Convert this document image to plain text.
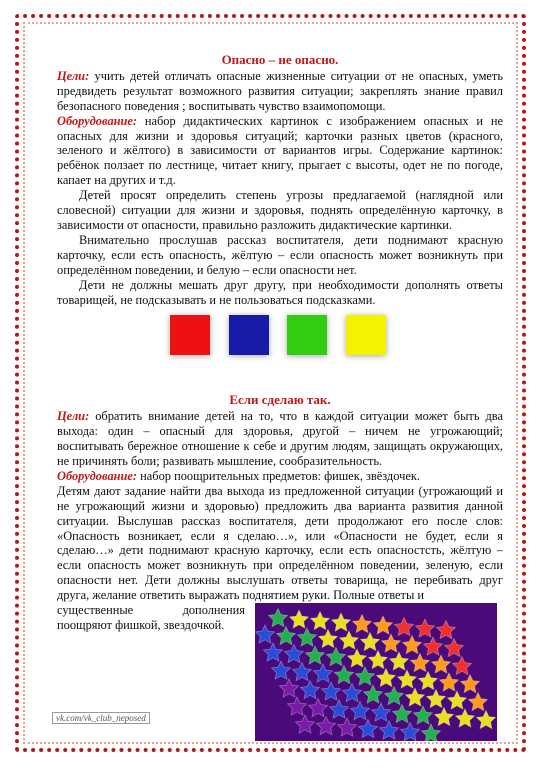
Опасно – не опасно.

Цели: учить детей отличать опасные жизненные ситуации от не опасных, уметь предвидеть результат возможного развития ситуации; закреплять знание правил безопасного поведения ; воспитывать чувство взаимопомощи.

Оборудование: набор дидактических картинок с изображением опасных и не опасных для жизни и здоровья ситуаций; карточки разных цветов (красного, зеленого и жёлтого) в зависимости от вариантов игры. Содержание картинок: ребёнок ползает по лестнице, читает книгу, прыгает с высоты, одет не по погоде, капает на других и т.д.

Детей просят определить степень угрозы предлагаемой (наглядной или словесной) ситуации для жизни и здоровья, поднять определённую карточку, в зависимости от опасности, правильно разложить дидактические картинки.

Внимательно прослушав рассказ воспитателя, дети поднимают красную карточку, если есть опасность, жёлтую – если опасность может возникнуть при определённом поведении, и белую – если опасности нет.

Дети не должны мешать друг другу, при необходимости дополнять ответы товарищей, не подсказывать и не пользоваться подсказками.

Если сделаю так.

Цели: обратить внимание детей на то, что в каждой ситуации может быть два выхода: один – опасный для здоровья, другой – ничем не угрожающий; воспитывать бережное отношение к себе и другим людям, защищать окружающих, не причинять боли; развивать мышление, сообразительность.

Оборудование: набор поощрительных предметов: фишек, звёздочек.

Детям дают задание найти два выхода из предложенной ситуации (угрожающий и не угрожающий жизни и здоровью) предложить два варианта развития данной ситуации. Выслушав рассказ воспитателя, дети продолжают его после слов: «Опасность возникает, если я сделаю…», или «Опасности не будет, если я сделаю…» дети поднимают красную карточку, если есть опасностсть, жёлтую – если опасность может возникнуть при определённом поведении, зеленую, если опасности нет. Дети должны выслушать ответы товарища, не перебивать друг друга, желание ответить выражать поднятием руки. Полные ответы и

существенные	дополнения

поощряют фишкой, звездочкой.

vk.com/vk_club_neposed
